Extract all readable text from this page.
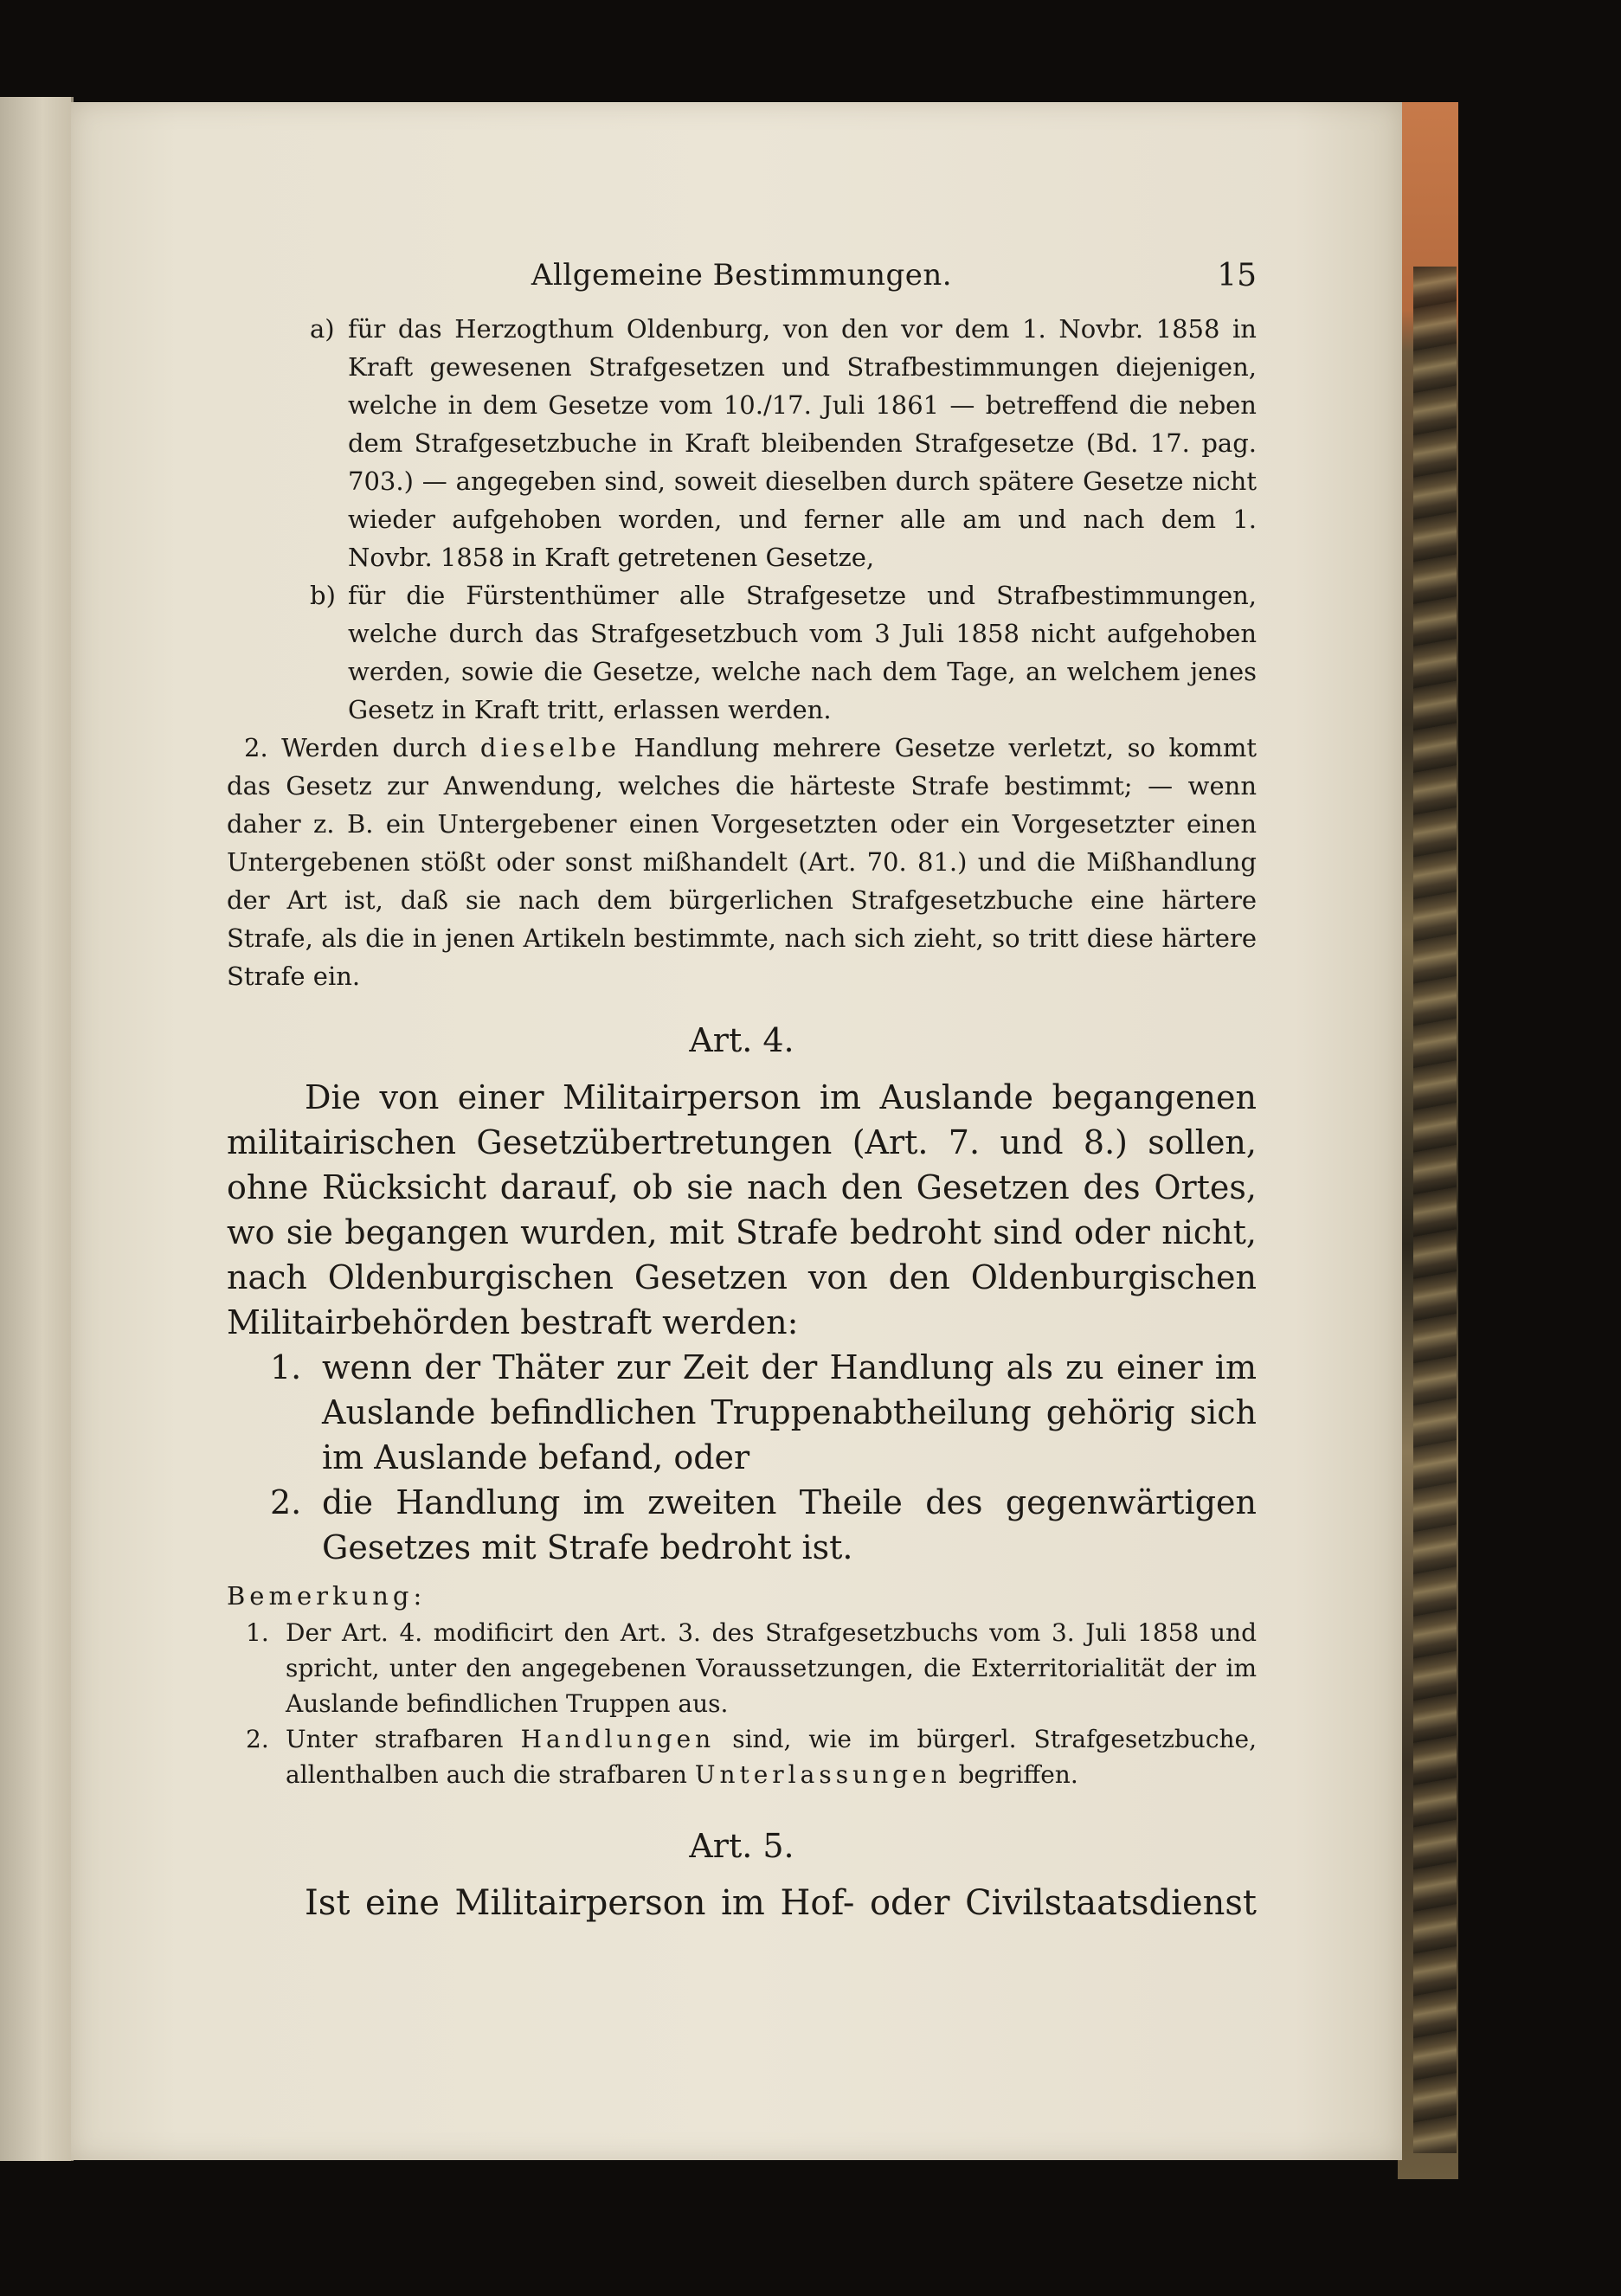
Allgemeine Bestimmungen.	15

a) für das Herzogthum Oldenburg, von den vor dem 1. Novbr. 1858 in Kraft gewesenen Strafgesetzen und Strafbestimmungen diejenigen, welche in dem Gesetze vom 10./17. Juli 1861 — betreffend die neben dem Strafgesetzbuche in Kraft bleibenden Strafgesetze (Bd. 17. pag. 703.) — angegeben sind, soweit dieselben durch spätere Gesetze nicht wieder aufgehoben worden, und ferner alle am und nach dem 1. Novbr. 1858 in Kraft getretenen Gesetze,

b) für die Fürstenthümer alle Strafgesetze und Strafbestimmungen, welche durch das Strafgesetzbuch vom 3 Juli 1858 nicht aufgehoben werden, sowie die Gesetze, welche nach dem Tage, an welchem jenes Gesetz in Kraft tritt, erlassen werden.

2. Werden durch dieselbe Handlung mehrere Gesetze verletzt, so kommt das Gesetz zur Anwendung, welches die härteste Strafe bestimmt; — wenn daher z. B. ein Untergebener einen Vorgesetzten oder ein Vorgesetzter einen Untergebenen stößt oder sonst mißhandelt (Art. 70. 81.) und die Mißhandlung der Art ist, daß sie nach dem bürgerlichen Strafgesetzbuche eine härtere Strafe, als die in jenen Artikeln bestimmte, nach sich zieht, so tritt diese härtere Strafe ein.

Art. 4.

Die von einer Militairperson im Auslande begangenen militairischen Gesetzübertretungen (Art. 7. und 8.) sollen, ohne Rücksicht darauf, ob sie nach den Gesetzen des Ortes, wo sie begangen wurden, mit Strafe bedroht sind oder nicht, nach Oldenburgischen Gesetzen von den Oldenburgischen Militairbehörden bestraft werden:

1. wenn der Thäter zur Zeit der Handlung als zu einer im Auslande befindlichen Truppenabtheilung gehörig sich im Auslande befand, oder

2. die Handlung im zweiten Theile des gegenwärtigen Gesetzes mit Strafe bedroht ist.

Bemerkung:

1. Der Art. 4. modificirt den Art. 3. des Strafgesetzbuchs vom 3. Juli 1858 und spricht, unter den angegebenen Voraussetzungen, die Exterritorialität der im Auslande befindlichen Truppen aus.

2. Unter strafbaren Handlungen sind, wie im bürgerl. Strafgesetzbuche, allenthalben auch die strafbaren Unterlassungen begriffen.

Art. 5.

Ist eine Militairperson im Hof- oder Civilstaatsdienst
